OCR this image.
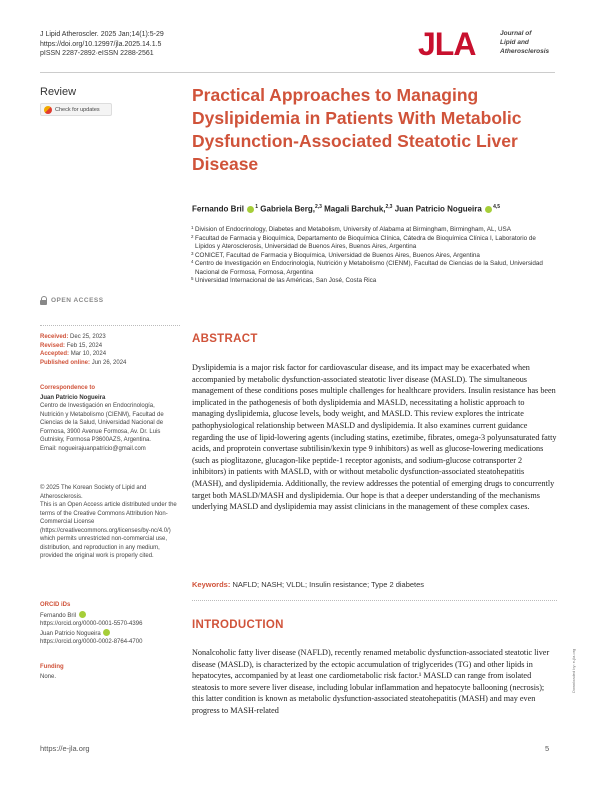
J Lipid Atheroscler. 2025 Jan;14(1):5-29
https://doi.org/10.12997/jla.2025.14.1.5
pISSN 2287-2892·eISSN 2288-2561	JLA	Journal of
Lipid and
Atherosclerosis
Review
Check for updates
Practical Approaches to Managing Dyslipidemia in Patients With Metabolic Dysfunction-Associated Steatotic Liver Disease
Fernando Bril $^1$ Gabriela Berg,$^{2,3}$ Magali Barchuk,$^{2,3}$ Juan Patricio Nogueira $^{4,5}$
1 Division of Endocrinology, Diabetes and Metabolism, University of Alabama at Birmingham, Birmingham, AL, USA
2 Facultad de Farmacia y Bioquímica, Departamento de Bioquímica Clínica, Cátedra de Bioquímica Clínica I, Laboratorio de Lípidos y Aterosclerosis, Universidad de Buenos Aires, Buenos Aires, Argentina
3 CONICET, Facultad de Farmacia y Bioquímica, Universidad de Buenos Aires, Buenos Aires, Argentina
4 Centro de Investigación en Endocrinología, Nutrición y Metabolismo (CIENM), Facultad de Ciencias de la Salud, Universidad Nacional de Formosa, Formosa, Argentina
5 Universidad Internacional de las Américas, San José, Costa Rica
OPEN ACCESS
Received: Dec 25, 2023
Revised: Feb 15, 2024
Accepted: Mar 10, 2024
Published online: Jun 26, 2024
Correspondence to
Juan Patricio Nogueira
Centro de Investigación en Endocrinología, Nutrición y Metabolismo (CIENM), Facultad de Ciencias de la Salud, Universidad Nacional de Formosa, 3900 Avenue Formosa, Av. Dr. Luis Gutnisky, Formosa P3600AZS, Argentina.
Email: nogueirajuanpatricio@gmail.com
© 2025 The Korean Society of Lipid and Atherosclerosis.
This is an Open Access article distributed under the terms of the Creative Commons Attribution Non-Commercial License (https://creativecommons.org/licenses/by-nc/4.0/) which permits unrestricted non-commercial use, distribution, and reproduction in any medium, provided the original work is properly cited.
ORCID iDs
Fernando Bril
https://orcid.org/0000-0001-5570-4396
Juan Patricio Nogueira
https://orcid.org/0000-0002-8764-4700
Funding
None.
ABSTRACT

Dyslipidemia is a major risk factor for cardiovascular disease, and its impact may be exacerbated when accompanied by metabolic dysfunction-associated steatotic liver disease (MASLD). The simultaneous management of these conditions poses multiple challenges for healthcare providers. Insulin resistance has been implicated in the pathogenesis of both dyslipidemia and MASLD, necessitating a holistic approach to managing dyslipidemia, glucose levels, body weight, and MASLD. This review explores the intricate pathophysiological relationship between MASLD and dyslipidemia. It also examines current guidance regarding the use of lipid-lowering agents (including statins, ezetimibe, fibrates, omega-3 polyunsaturated fatty acids, and proprotein convertase subtilisin/kexin type 9 inhibitors) as well as glucose-lowering medications (such as pioglitazone, glucagon-like peptide-1 receptor agonists, and sodium-glucose cotransporter 2 inhibitors) in patients with MASLD, with or without metabolic dysfunction-associated steatohepatitis (MASH), and dyslipidemia. Additionally, the review addresses the potential of emerging drugs to concurrently target both MASLD/MASH and dyslipidemia. Our hope is that a deeper understanding of the mechanisms underlying MASLD and dyslipidemia may assist clinicians in the management of these complex cases.

Keywords: NAFLD; NASH; VLDL; Insulin resistance; Type 2 diabetes
INTRODUCTION

Nonalcoholic fatty liver disease (NAFLD), recently renamed metabolic dysfunction-associated steatotic liver disease (MASLD), is characterized by the ectopic accumulation of triglycerides (TG) and other lipids in hepatocytes, accompanied by at least one cardiometabolic risk factor.¹ MASLD can range from isolated steatosis to more severe liver disease, including lobular inflammation and hepatocyte ballooning (necrosis); this latter condition is known as metabolic dysfunction-associated steatohepatitis (MASH) and may even progress to MASH-related

https://e-jla.org	5
Downloaded by: e-jla.org
